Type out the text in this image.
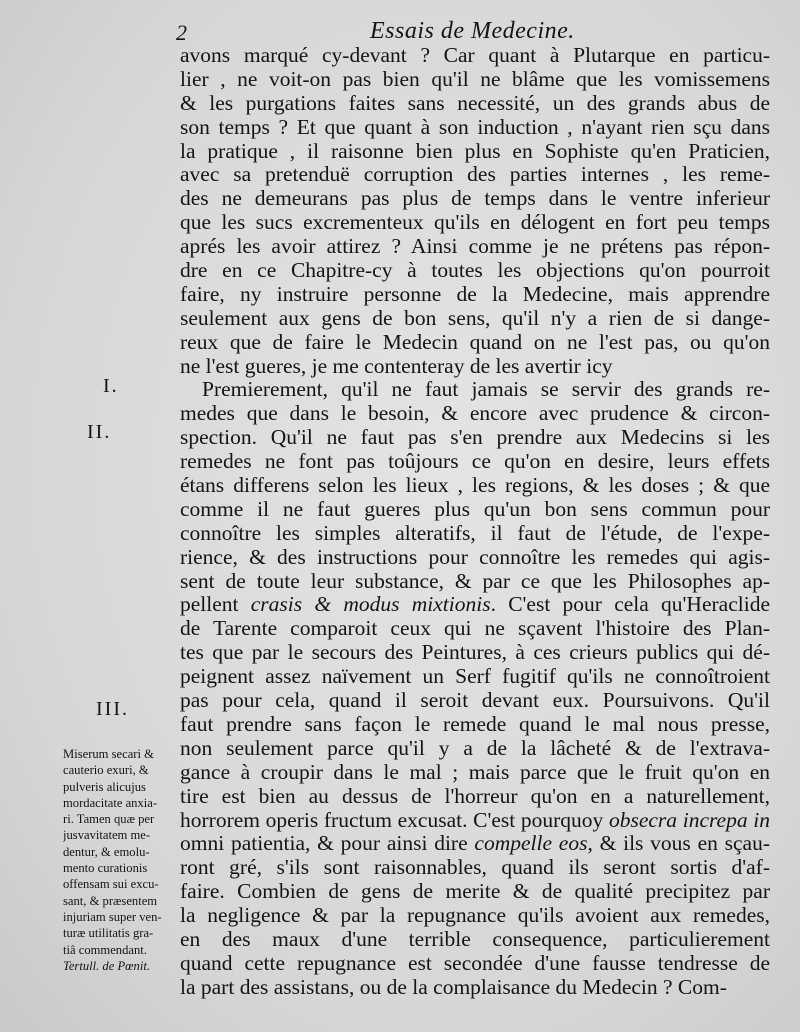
2	Essais de Medecine.
avons marqué cy-devant ? Car quant à Plutarque en particu-
lier , ne voit-on pas bien qu'il ne blâme que les vomissemens
& les purgations faites sans necessité, un des grands abus de
son temps ? Et que quant à son induction , n'ayant rien sçu dans
la pratique , il raisonne bien plus en Sophiste qu'en Praticien,
avec sa pretenduë corruption des parties internes , les reme-
des ne demeurans pas plus de temps dans le ventre inferieur
que les sucs excrementeux qu'ils en délogent en fort peu temps
aprés les avoir attirez ? Ainsi comme je ne prétens pas répon-
dre en ce Chapitre-cy à toutes les objections qu'on pourroit
faire, ny instruire personne de la Medecine, mais apprendre
seulement aux gens de bon sens, qu'il n'y a rien de si dange-
reux que de faire le Medecin quand on ne l'est pas, ou qu'on
ne l'est gueres, je me contenteray de les avertir icy
Premierement, qu'il ne faut jamais se servir des grands re-
medes que dans le besoin, & encore avec prudence & circon-
spection. Qu'il ne faut pas s'en prendre aux Medecins si les
remedes ne font pas toûjours ce qu'on en desire, leurs effets
étans differens selon les lieux , les regions, & les doses ; & que
comme il ne faut gueres plus qu'un bon sens commun pour
connoître les simples alteratifs, il faut de l'étude, de l'expe-
rience, & des instructions pour connoître les remedes qui agis-
sent de toute leur substance, & par ce que les Philosophes ap-
pellent crasis & modus mixtionis. C'est pour cela qu'Heraclide
de Tarente comparoit ceux qui ne sçavent l'histoire des Plan-
tes que par le secours des Peintures, à ces crieurs publics qui dé-
peignent assez naïvement un Serf fugitif qu'ils ne connoîtroient
pas pour cela, quand il seroit devant eux. Poursuivons. Qu'il
faut prendre sans façon le remede quand le mal nous presse,
non seulement parce qu'il y a de la lâcheté & de l'extrava-
gance à croupir dans le mal ; mais parce que le fruit qu'on en
tire est bien au dessus de l'horreur qu'on en a naturellement,
horrorem operis fructum excusat. C'est pourquoy obsecra increpa in
omni patientia, & pour ainsi dire compelle eos, & ils vous en sçau-
ront gré, s'ils sont raisonnables, quand ils seront sortis d'af-
faire. Combien de gens de merite & de qualité precipitez par
la negligence & par la repugnance qu'ils avoient aux remedes,
en des maux d'une terrible consequence, particulierement
quand cette repugnance est secondée d'une fausse tendresse de
la part des assistans, ou de la complaisance du Medecin ? Com-
I.
II.
III.
Miserum secari &
cauterio exuri, &
pulveris alicujus
mordacitate anxia-
ri. Tamen quæ per
jusvavitatem me-
dentur, & emolu-
mento curationis
offensam sui excu-
sant, & præsentem
injuriam super ven-
turæ utilitatis gra-
tiâ commendant.
Tertull. de Pœnit.
